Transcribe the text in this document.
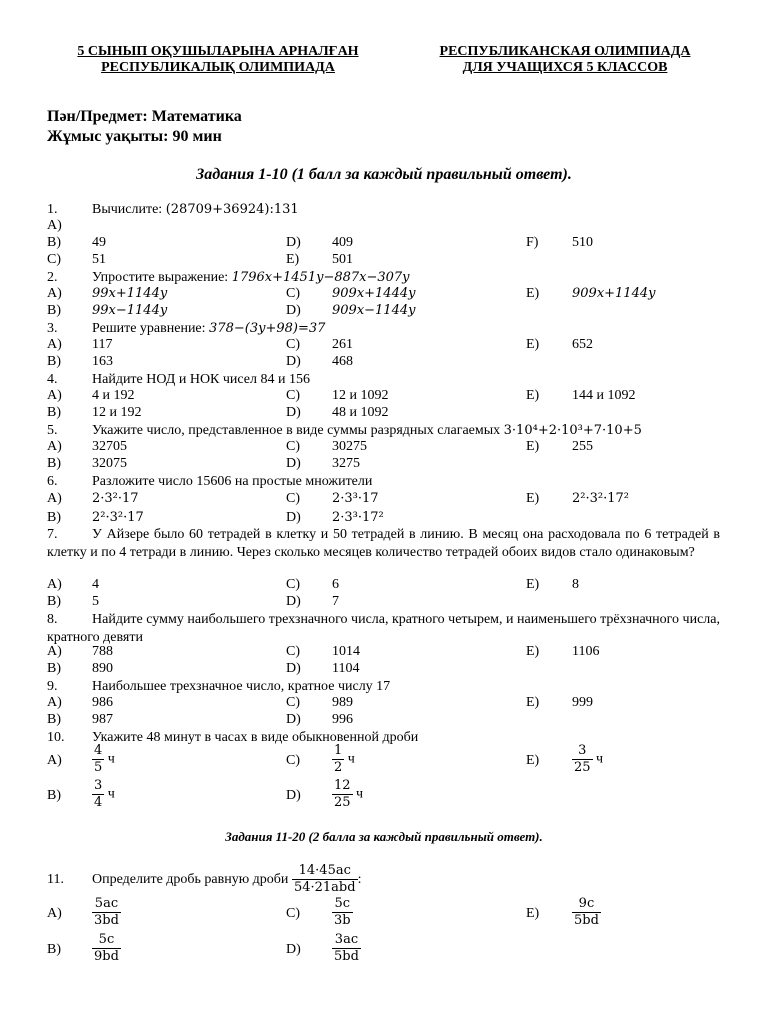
5 СЫНЫП ОҚУШЫЛАРЫНА АРНАЛҒАН
РЕСПУБЛИКАЛЫҚ ОЛИМПИАДА
РЕСПУБЛИКАНСКАЯ ОЛИМПИАДА
ДЛЯ УЧАЩИХСЯ 5 КЛАССОВ
Пән/Предмет: Математика
Жұмыс уақыты: 90 мин
Задания 1-10 (1 балл за каждый правильный ответ).
1. Вычислите: (28709+36924):131
A)
B) 49	D) 409	F) 510
C) 51	E) 501
2. Упростите выражение: 1796x+1451y−887x−307y
A) 99x+1144y	C) 909x+1444y	E)	909x+1144y
B) 99x−1144y	D) 909x−1144y
3. Решите уравнение: 378−(3y+98)=37
A) 117	C) 261	E) 652
B) 163	D) 468
4. Найдите НОД и НОК чисел 84 и 156
A) 4 и 192	C) 12 и 1092	E) 144 и 1092
B) 12 и 192	D) 48 и 1092
5. Укажите число, представленное в виде суммы разрядных слагаемых 3·10⁴+2·10³+7·10+5
A) 32705	C) 30275	E) 255
B) 32075	D) 3275
6. Разложите число 15606 на простые множители
A) 2·3²·17	C) 2·3³·17	E)	2²·3²·17²
B) 2²·3²·17	D) 2·3³·17²
7. У Айзере было 60 тетрадей в клетку и 50 тетрадей в линию. В месяц она расходовала по 6 тетрадей в клетку и по 4 тетради в линию. Через сколько месяцев количество тетрадей обоих видов стало одинаковым?
A) 4	C) 6	E) 8
B) 5	D) 7
8. Найдите сумму наибольшего трехзначного числа, кратного четырем, и наименьшего трёхзначного числа, кратного девяти
A) 788	C) 1014	E) 1106
B) 890	D) 1104
9. Наибольшее трехзначное число, кратное числу 17
A) 986	C) 989	E) 999
B) 987	D) 996
10. Укажите 48 минут в часах в виде обыкновенной дроби
$A) \frac{4}{5}$ ч	$C) \frac{1}{2}$ ч	E)	$\frac{3}{25}$ ч
$B) \frac{3}{4}$ ч	$D) \frac{12}{25}$ ч
Задания 11-20 (2 балла за каждый правильный ответ).
11. Определите дробь равную дроби $\frac{14\cdot 45ac}{\text{54·21abd}}$ :
$A) \frac{5ac}{3bd}$	$C) \frac{5c}{3b}$	E)	$\frac{9c}{5bd}$
$B) \frac{5c}{9bd}$	$D) \frac{3ac}{5bd}$
